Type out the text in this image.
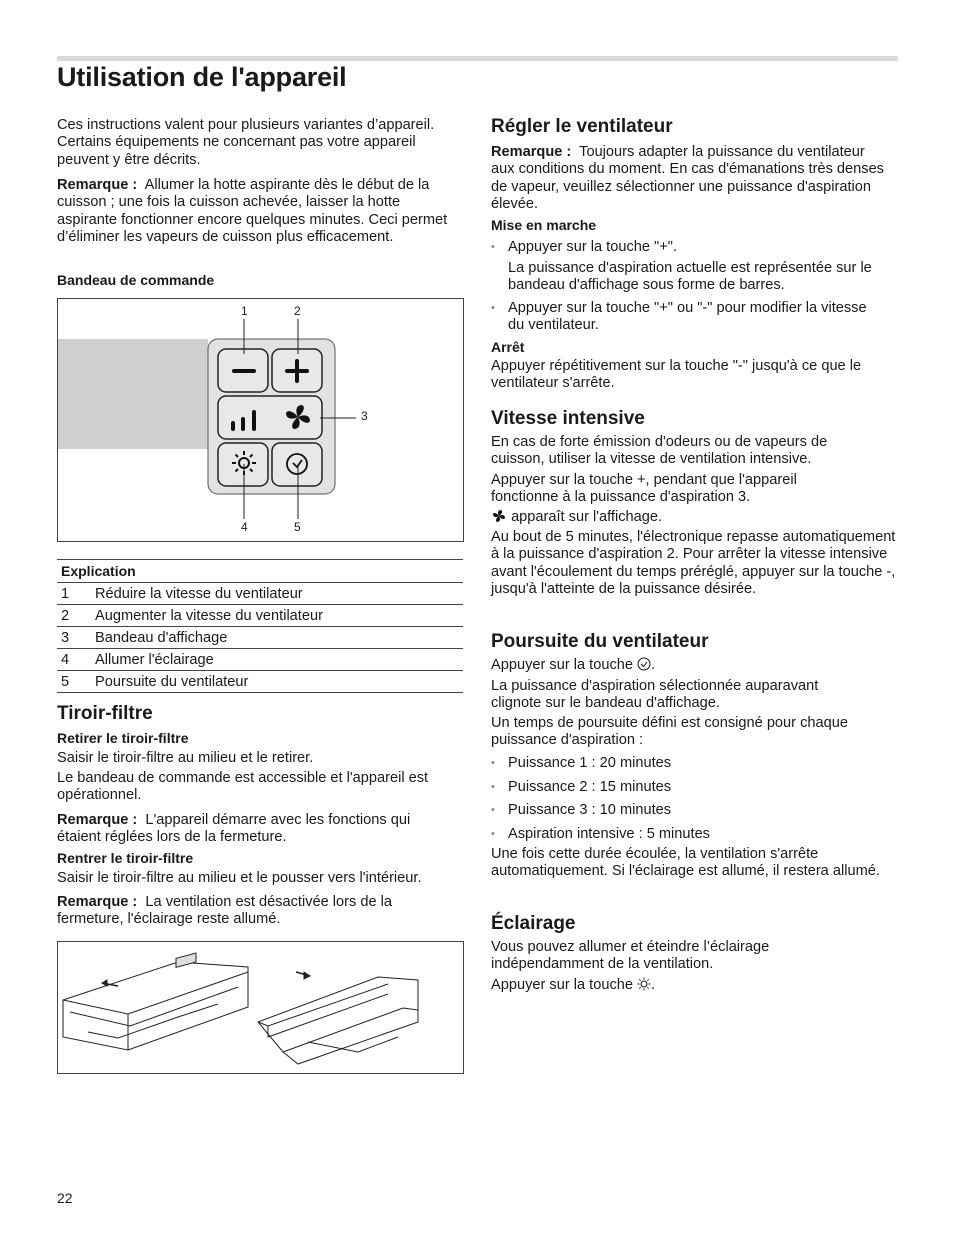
Utilisation de l'appareil

Ces instructions valent pour plusieurs variantes d’appareil. Certains équipements ne concernant pas votre appareil peuvent y être décrits.

Remarque : Allumer la hotte aspirante dès le début de la cuisson ; une fois la cuisson achevée, laisser la hotte aspirante fonctionner encore quelques minutes. Ceci permet d’éliminer les vapeurs de cuisson plus efficacement.

Bandeau de commande

1	2
3
4	5
Explication	
1	Réduire la vitesse du ventilateur
2	Augmenter la vitesse du ventilateur
3	Bandeau d'affichage
4	Allumer l'éclairage
5	Poursuite du ventilateur
Tiroir-filtre

Retirer le tiroir-filtre

Saisir le tiroir-filtre au milieu et le retirer.

Le bandeau de commande est accessible et l'appareil est opérationnel.

Remarque : L'appareil démarre avec les fonctions qui étaient réglées lors de la fermeture.

Rentrer le tiroir-filtre

Saisir le tiroir-filtre au milieu et le pousser vers l'intérieur.

Remarque : La ventilation est désactivée lors de la fermeture, l'éclairage reste allumé.

Régler le ventilateur

Remarque : Toujours adapter la puissance du ventilateur aux conditions du moment. En cas d'émanations très denses de vapeur, veuillez sélectionner une puissance d'aspiration élevée.

Mise en marche

• Appuyer sur la touche "+".

La puissance d'aspiration actuelle est représentée sur le bandeau d'affichage sous forme de barres.

• Appuyer sur la touche "+" ou "-" pour modifier la vitesse du ventilateur.

Arrêt

Appuyer répétitivement sur la touche "-" jusqu'à ce que le ventilateur s'arrête.

Vitesse intensive

En cas de forte émission d'odeurs ou de vapeurs de cuisson, utiliser la vitesse de ventilation intensive.

Appuyer sur la touche +, pendant que l'appareil fonctionne à la puissance d'aspiration 3.

apparaît sur l'affichage.

Au bout de 5 minutes, l'électronique repasse automatiquement à la puissance d'aspiration 2. Pour arrêter la vitesse intensive avant l'écoulement du temps préréglé, appuyer sur la touche -, jusqu'à l'atteinte de la puissance désirée.

Poursuite du ventilateur

Appuyer sur la touche .

La puissance d'aspiration sélectionnée auparavant clignote sur le bandeau d'affichage.

Un temps de poursuite défini est consigné pour chaque puissance d'aspiration :

• Puissance 1 : 20 minutes
• Puissance 2 : 15 minutes
• Puissance 3 : 10 minutes
• Aspiration intensive : 5 minutes

Une fois cette durée écoulée, la ventilation s'arrête automatiquement. Si l'éclairage est allumé, il restera allumé.

Éclairage

Vous pouvez allumer et éteindre l’éclairage indépendamment de la ventilation.

Appuyer sur la touche .

22
